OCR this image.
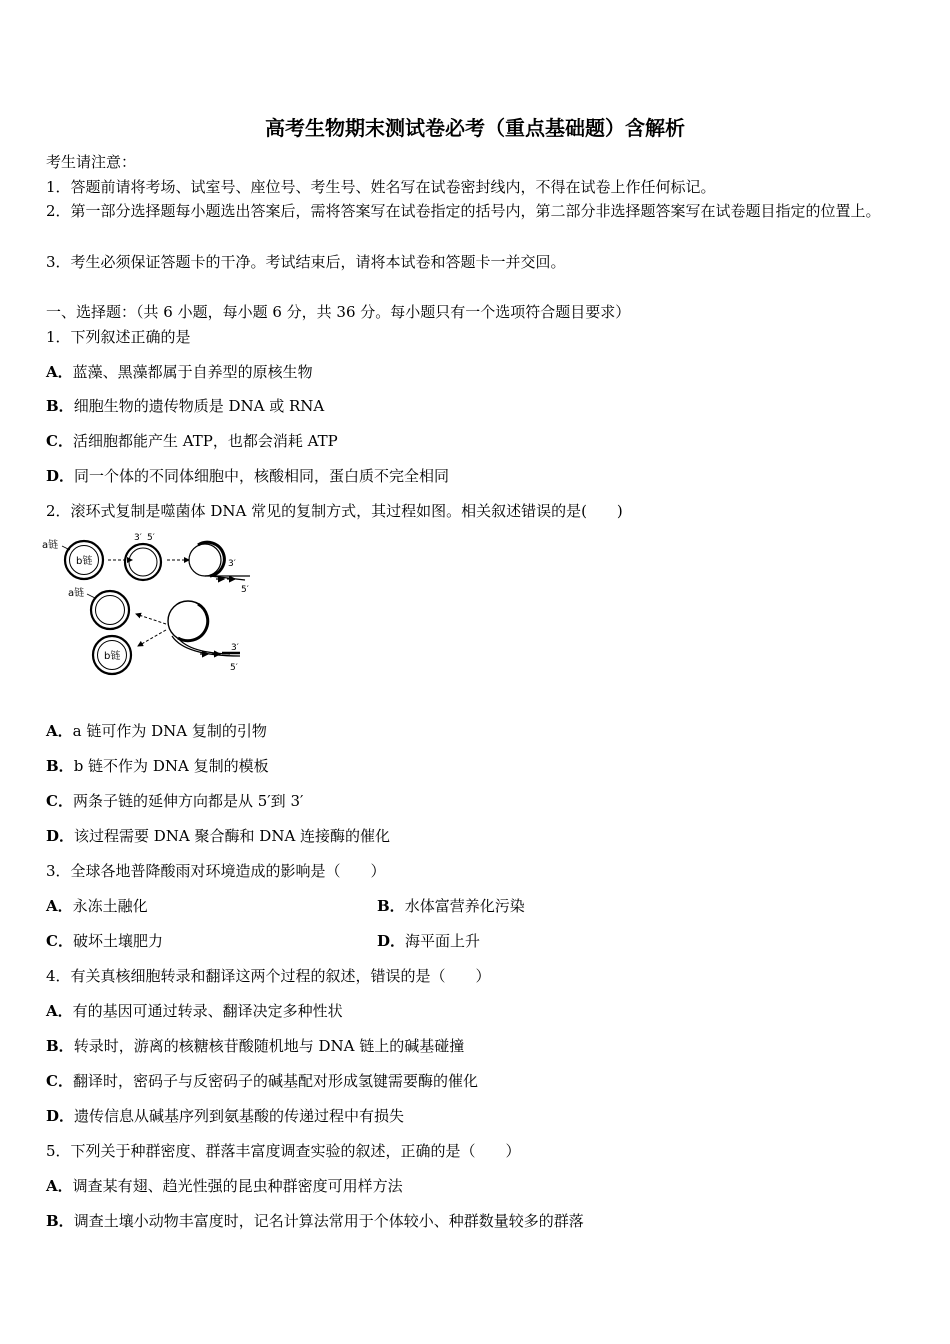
高考生物期末测试卷必考（重点基础题）含解析
考生请注意：
1．答题前请将考场、试室号、座位号、考生号、姓名写在试卷密封线内，不得在试卷上作任何标记。
2．第一部分选择题每小题选出答案后，需将答案写在试卷指定的括号内，第二部分非选择题答案写在试卷题目指定的位置上。
3．考生必须保证答题卡的干净。考试结束后，请将本试卷和答题卡一并交回。
一、选择题：（共 6 小题，每小题 6 分，共 36 分。每小题只有一个选项符合题目要求）
1．下列叙述正确的是
A．蓝藻、黑藻都属于自养型的原核生物
B．细胞生物的遗传物质是 DNA 或 RNA
C．活细胞都能产生 ATP，也都会消耗 ATP
D．同一个体的不同体细胞中，核酸相同，蛋白质不完全相同
2．滚环式复制是噬菌体 DNA 常见的复制方式，其过程如图。相关叙述错误的是(　　)
b链
a链
3′ 5′
3′
5′
a链
3′
5′
b链
A．a 链可作为 DNA 复制的引物
B．b 链不作为 DNA 复制的模板
C．两条子链的延伸方向都是从 5′到 3′
D．该过程需要 DNA 聚合酶和 DNA 连接酶的催化
3．全球各地普降酸雨对环境造成的影响是（　　）
A．永冻土融化	B．水体富营养化污染
C．破坏土壤肥力	D．海平面上升
4．有关真核细胞转录和翻译这两个过程的叙述，错误的是（　　）
A．有的基因可通过转录、翻译决定多种性状
B．转录时，游离的核糖核苷酸随机地与 DNA 链上的碱基碰撞
C．翻译时，密码子与反密码子的碱基配对形成氢键需要酶的催化
D．遗传信息从碱基序列到氨基酸的传递过程中有损失
5．下列关于种群密度、群落丰富度调查实验的叙述，正确的是（　　）
A．调查某有翅、趋光性强的昆虫种群密度可用样方法
B．调查土壤小动物丰富度时，记名计算法常用于个体较小、种群数量较多的群落
